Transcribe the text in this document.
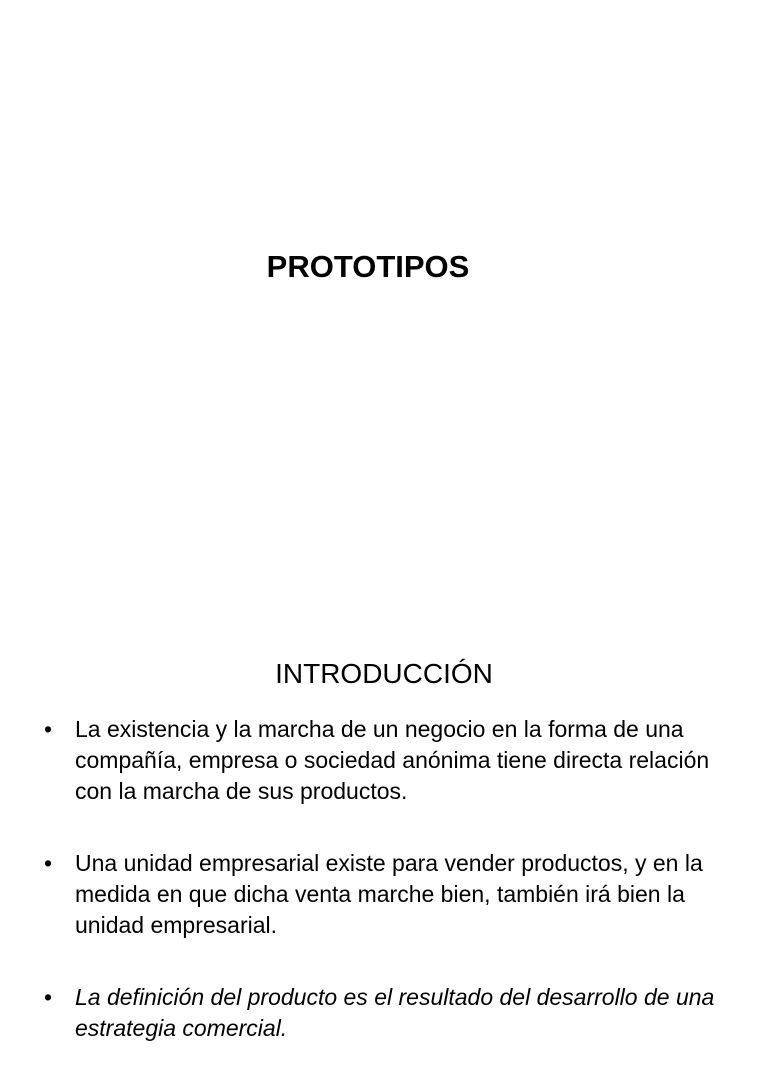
PROTOTIPOS
INTRODUCCIÓN
• La existencia y la marcha de un negocio en la forma de una compañía, empresa o sociedad anónima tiene directa relación con la marcha de sus productos.
• Una unidad empresarial existe para vender productos, y en la medida en que dicha venta marche bien, también irá bien la unidad empresarial.
• La definición del producto es el resultado del desarrollo de una estrategia comercial.
